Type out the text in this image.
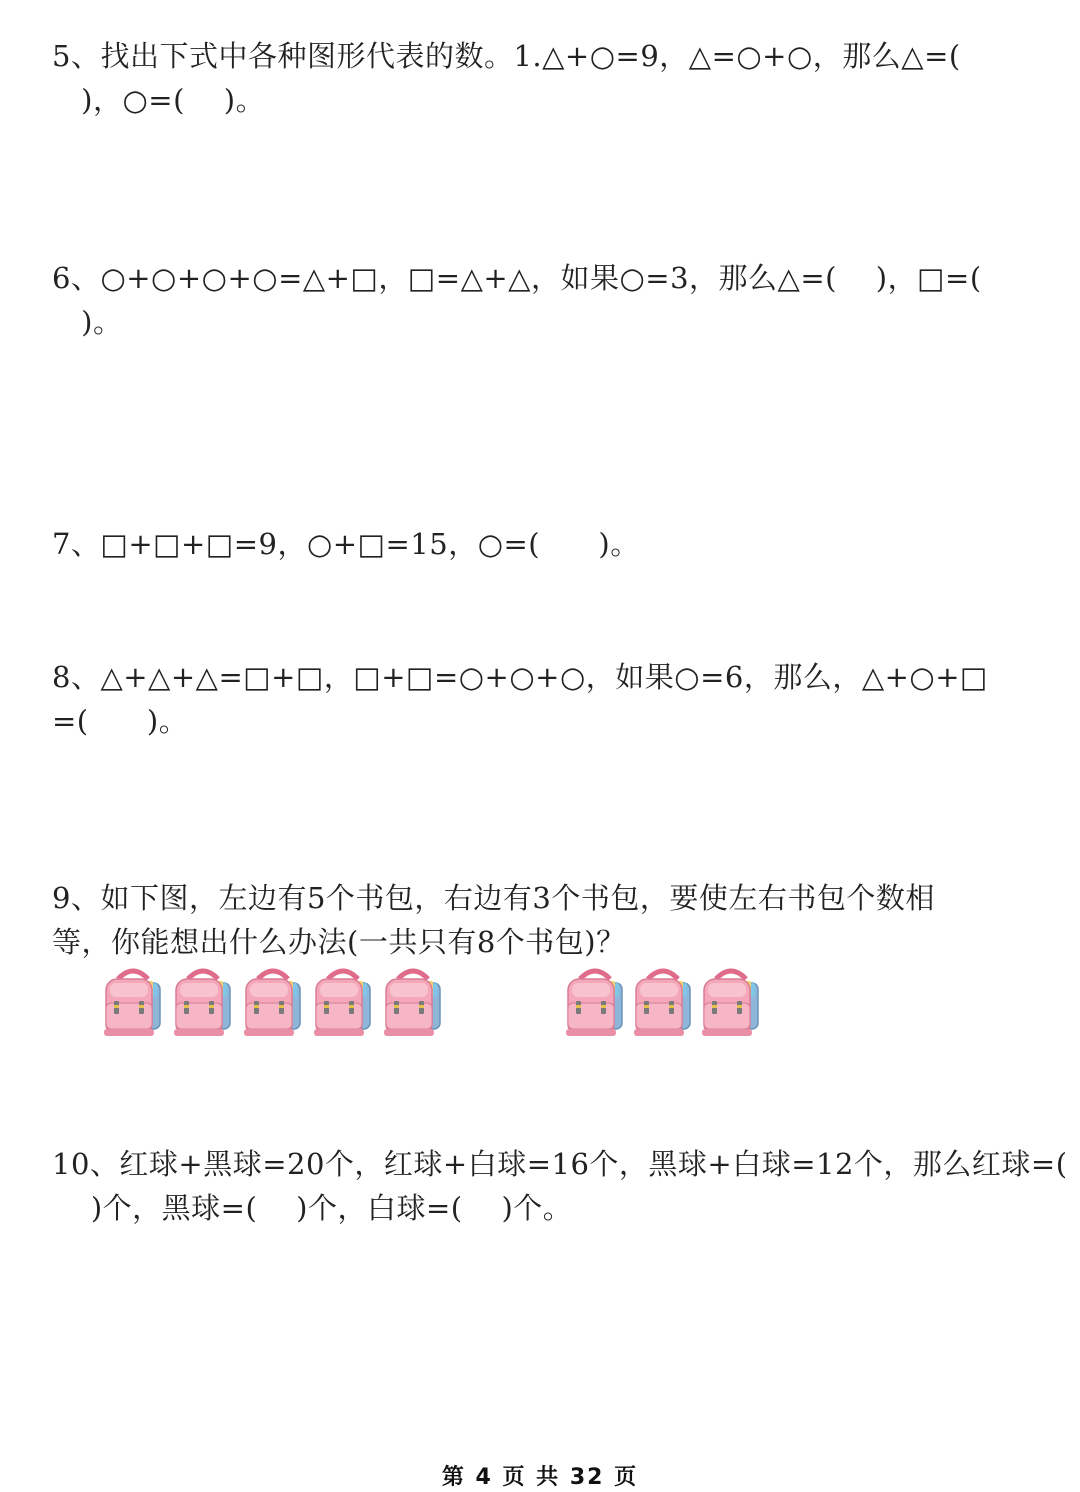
5、找出下式中各种图形代表的数。1.△+○=9，△=○+○，那么△=(

)，○=(    )。

6、○+○+○+○=△+□，□=△+△，如果○=3，那么△=(    )，□=(

)。

7、□+□+□=9，○+□=15，○=(      )。

8、△+△+△=□+□，□+□=○+○+○，如果○=6，那么，△+○+□

=(      )。

9、如下图，左边有5个书包，右边有3个书包，要使左右书包个数相

等，你能想出什么办法(一共只有8个书包)？

10、红球+黑球=20个，红球+白球=16个，黑球+白球=12个，那么红球=(

)个，黑球=(    )个，白球=(    )个。

第 4 页 共 32 页
